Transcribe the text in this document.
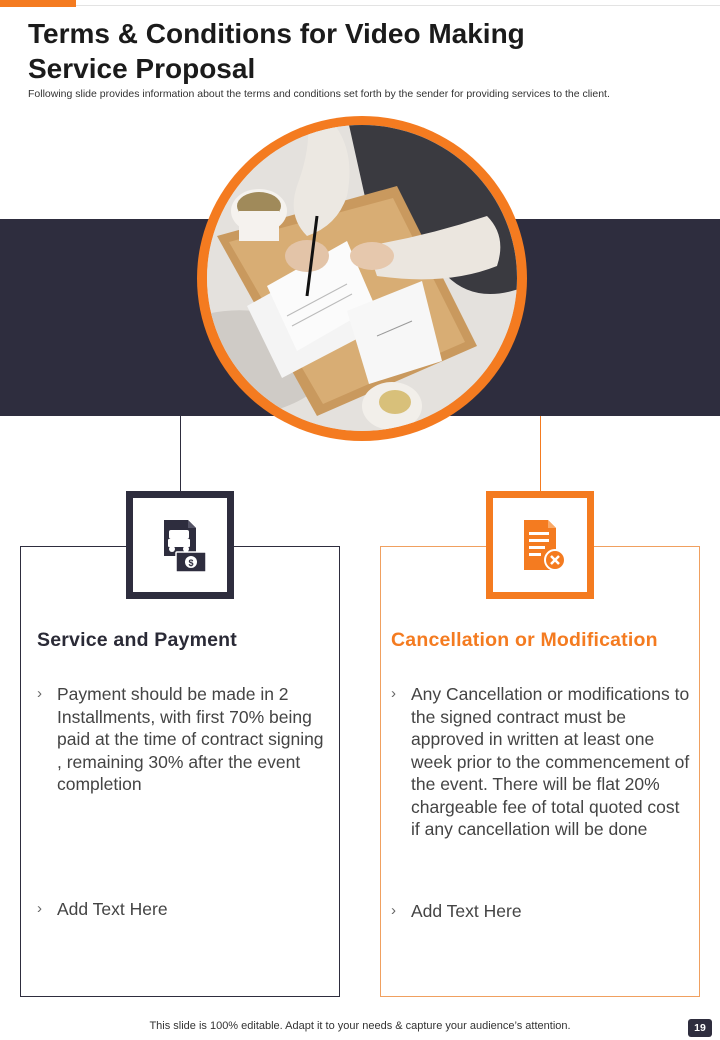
Terms & Conditions for Video Making Service Proposal

Following slide provides information about the terms and conditions set forth by the sender for providing services to the client.

Service and Payment

› Payment should be made in 2 Installments, with first 70% being paid at the time of contract signing , remaining 30% after the event completion

› Add Text Here

Cancellation or Modification

› Any Cancellation or modifications to the signed contract must be approved in written at least one week prior to the commencement of the event. There will be flat 20% chargeable fee of total quoted cost if any cancellation will be done

› Add Text Here

$

This slide is 100% editable. Adapt it to your needs & capture your audience’s attention.	19
